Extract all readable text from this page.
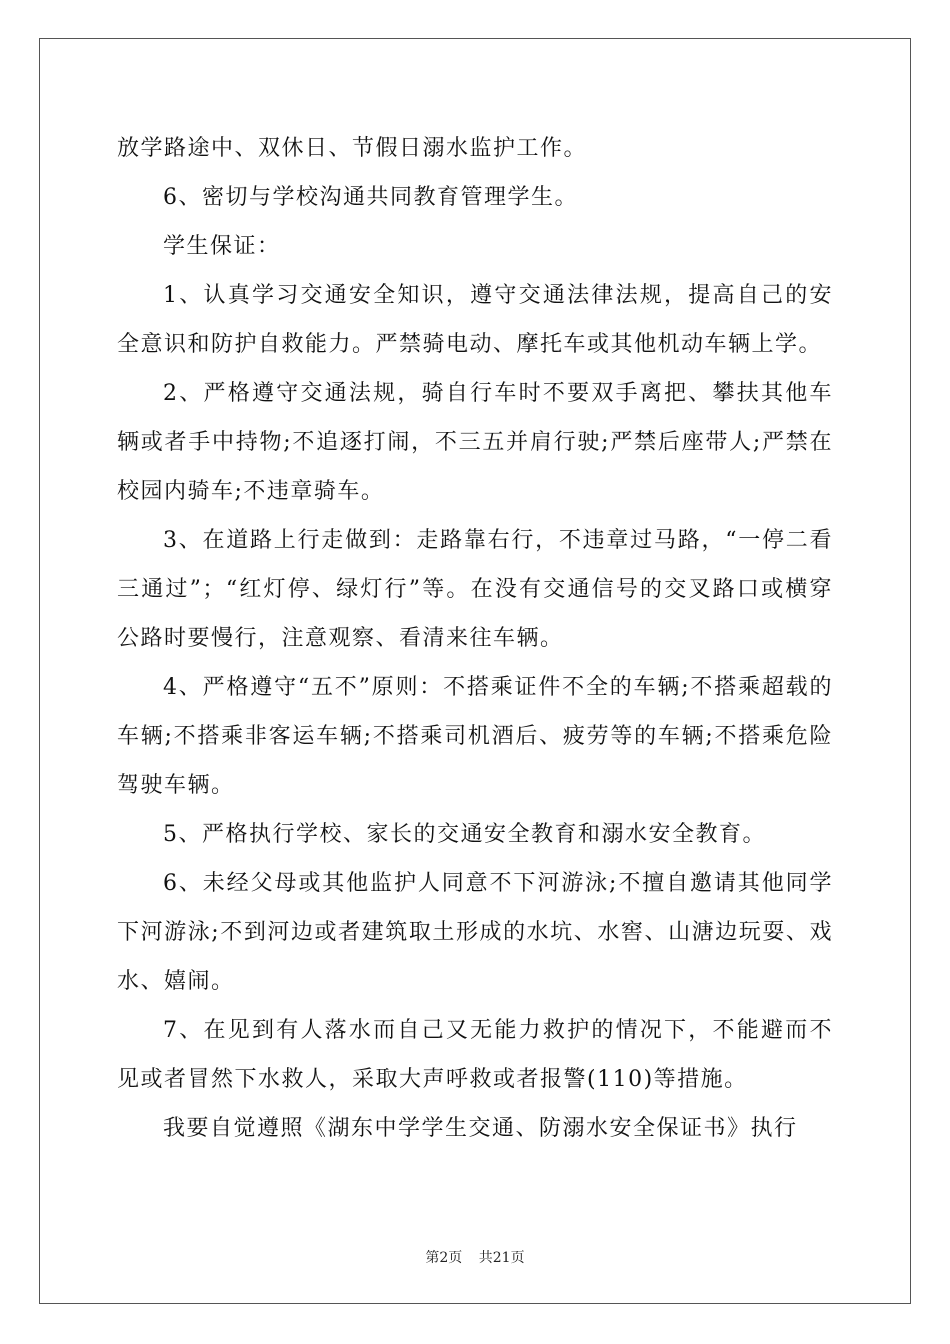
放学路途中、双休日、节假日溺水监护工作。

6、密切与学校沟通共同教育管理学生。

学生保证：

1、认真学习交通安全知识，遵守交通法律法规，提高自己的安全意识和防护自救能力。严禁骑电动、摩托车或其他机动车辆上学。

2、严格遵守交通法规，骑自行车时不要双手离把、攀扶其他车辆或者手中持物;不追逐打闹，不三五并肩行驶;严禁后座带人;严禁在校园内骑车;不违章骑车。

3、在道路上行走做到：走路靠右行，不违章过马路，“一停二看三通过”；“红灯停、绿灯行”等。在没有交通信号的交叉路口或横穿公路时要慢行，注意观察、看清来往车辆。

4、严格遵守“五不”原则：不搭乘证件不全的车辆;不搭乘超载的车辆;不搭乘非客运车辆;不搭乘司机酒后、疲劳等的车辆;不搭乘危险驾驶车辆。

5、严格执行学校、家长的交通安全教育和溺水安全教育。

6、未经父母或其他监护人同意不下河游泳;不擅自邀请其他同学下河游泳;不到河边或者建筑取土形成的水坑、水窖、山溏边玩耍、戏水、嬉闹。

7、在见到有人落水而自己又无能力救护的情况下，不能避而不见或者冒然下水救人，采取大声呼救或者报警(110)等措施。

我要自觉遵照《湖东中学学生交通、防溺水安全保证书》执行

第2页 共21页
